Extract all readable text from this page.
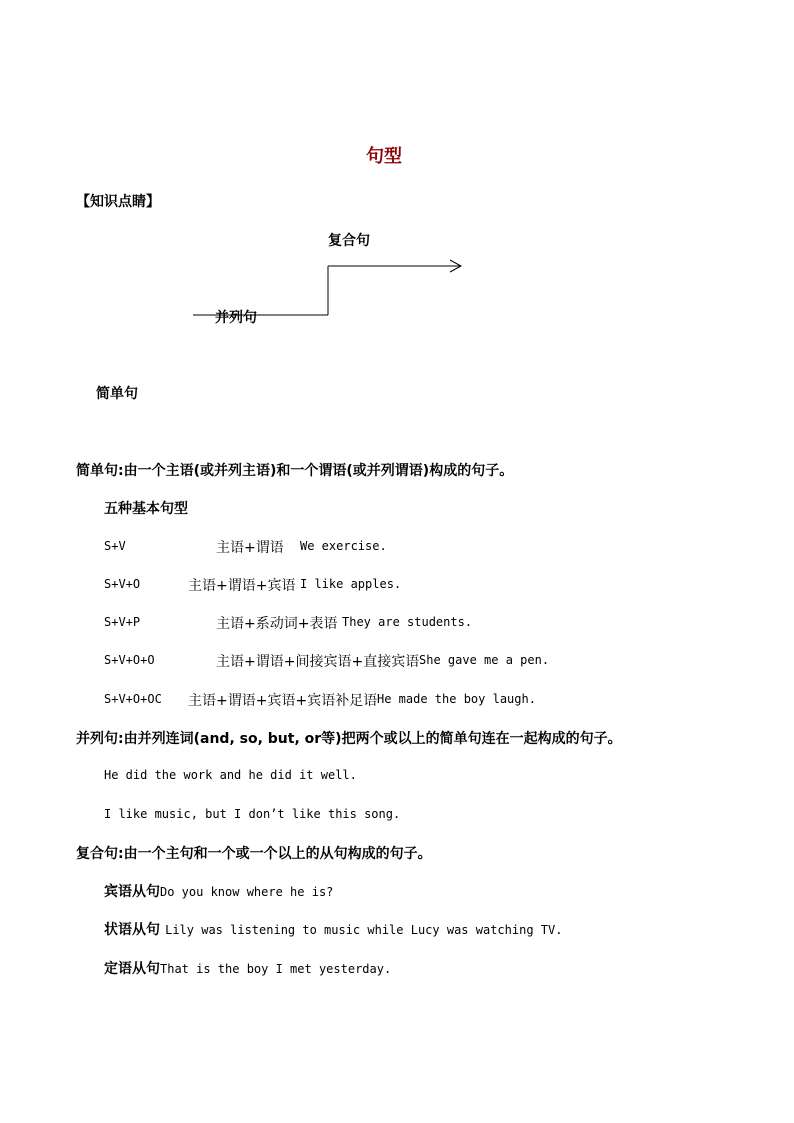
句型
【知识点睛】
复合句
并列句
简单句
简单句:由一个主语(或并列主语)和一个谓语(或并列谓语)构成的句子。
五种基本句型
S+V	主语+谓语 We exercise.
S+V+O	主语+谓语+宾语 I like apples.
S+V+P	主语+系动词+表语 They are students.
S+V+O+O	主语+谓语+间接宾语+直接宾语 She gave me a pen.
S+V+O+OC 主语+谓语+宾语+宾语补足语 He made the boy laugh.
并列句:由并列连词(and, so, but, or等)把两个或以上的简单句连在一起构成的句子。
He did the work and he did it well.
I like music, but I don’t like this song.
复合句:由一个主句和一个或一个以上的从句构成的句子。
宾语从句Do you know where he is?
状语从句 Lily was listening to music while Lucy was watching TV.
定语从句That is the boy I met yesterday.
